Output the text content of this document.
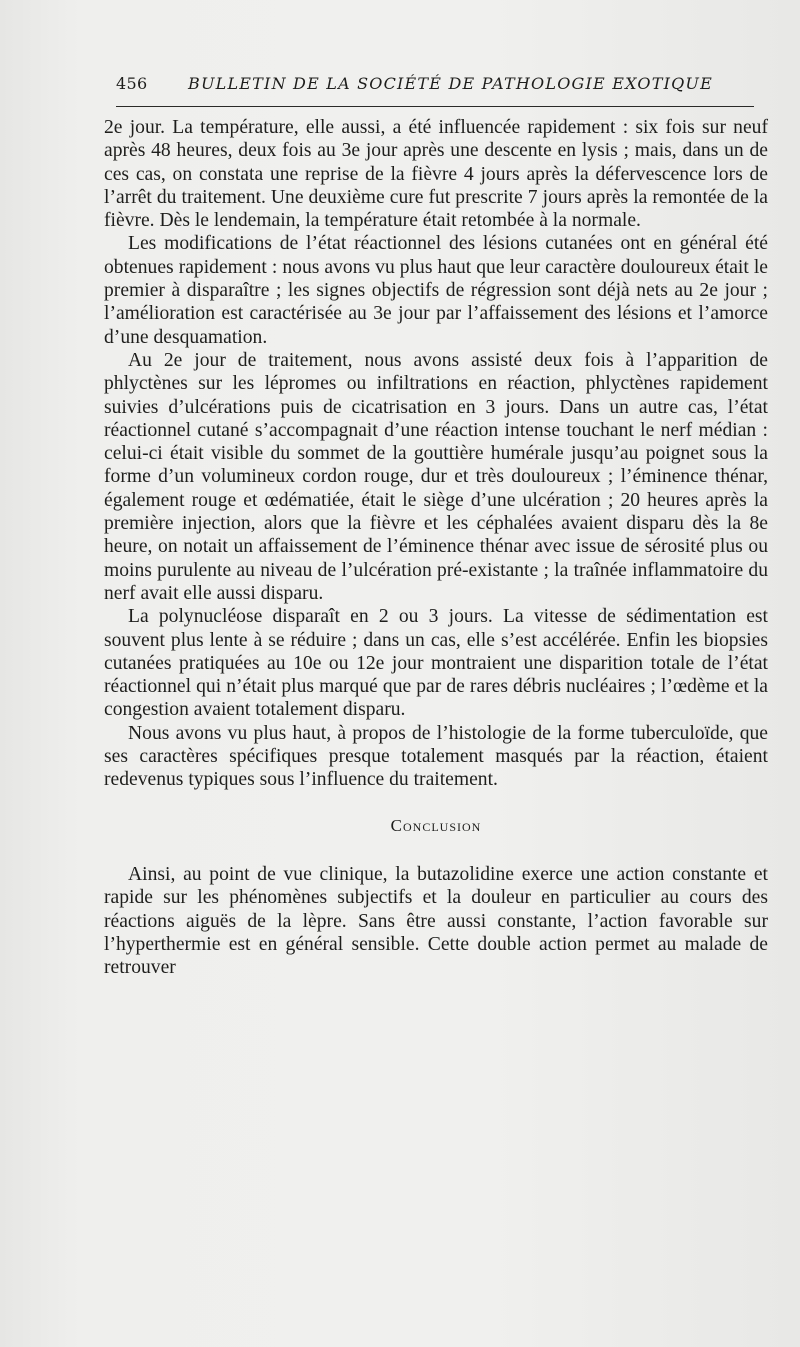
456	BULLETIN DE LA SOCIÉTÉ DE PATHOLOGIE EXOTIQUE

2e jour. La température, elle aussi, a été influencée rapidement : six fois sur neuf après 48 heures, deux fois au 3e jour après une descente en lysis ; mais, dans un de ces cas, on constata une reprise de la fièvre 4 jours après la défervescence lors de l’arrêt du traitement. Une deuxième cure fut prescrite 7 jours après la remontée de la fièvre. Dès le lendemain, la température était retombée à la normale.

Les modifications de l’état réactionnel des lésions cutanées ont en général été obtenues rapidement : nous avons vu plus haut que leur caractère douloureux était le premier à disparaître ; les signes objectifs de régression sont déjà nets au 2e jour ; l’amélioration est caractérisée au 3e jour par l’affaissement des lésions et l’amorce d’une desquamation.

Au 2e jour de traitement, nous avons assisté deux fois à l’apparition de phlyctènes sur les lépromes ou infiltrations en réaction, phlyctènes rapidement suivies d’ulcérations puis de cicatrisation en 3 jours. Dans un autre cas, l’état réactionnel cutané s’accompagnait d’une réaction intense touchant le nerf médian : celui-ci était visible du sommet de la gouttière humérale jusqu’au poignet sous la forme d’un volumineux cordon rouge, dur et très douloureux ; l’éminence thénar, également rouge et œdématiée, était le siège d’une ulcération ; 20 heures après la première injection, alors que la fièvre et les céphalées avaient disparu dès la 8e heure, on notait un affaissement de l’éminence thénar avec issue de sérosité plus ou moins purulente au niveau de l’ulcération pré-existante ; la traînée inflammatoire du nerf avait elle aussi disparu.

La polynucléose disparaît en 2 ou 3 jours. La vitesse de sédimentation est souvent plus lente à se réduire ; dans un cas, elle s’est accélérée. Enfin les biopsies cutanées pratiquées au 10e ou 12e jour montraient une disparition totale de l’état réactionnel qui n’était plus marqué que par de rares débris nucléaires ; l’œdème et la congestion avaient totalement disparu.

Nous avons vu plus haut, à propos de l’histologie de la forme tuberculoïde, que ses caractères spécifiques presque totalement masqués par la réaction, étaient redevenus typiques sous l’influence du traitement.

Conclusion

Ainsi, au point de vue clinique, la butazolidine exerce une action constante et rapide sur les phénomènes subjectifs et la douleur en particulier au cours des réactions aiguës de la lèpre. Sans être aussi constante, l’action favorable sur l’hyperthermie est en général sensible. Cette double action permet au malade de retrouver
